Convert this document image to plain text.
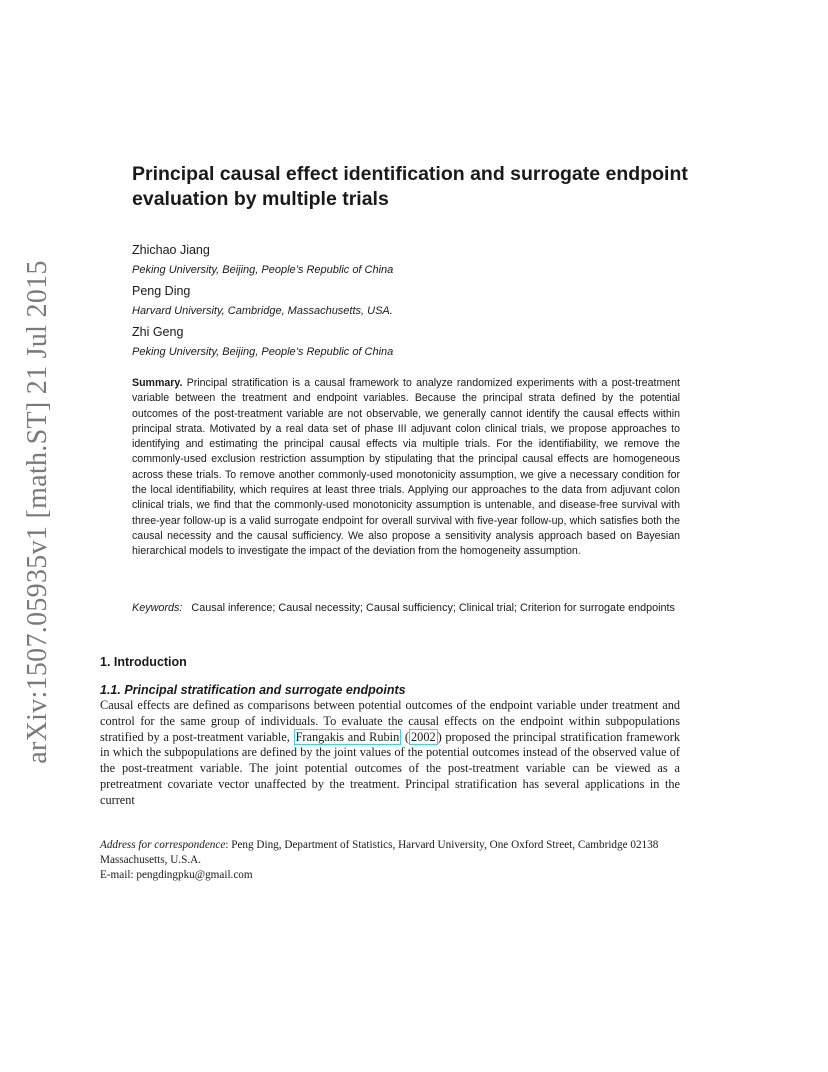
arXiv:1507.05935v1 [math.ST] 21 Jul 2015
Principal causal effect identification and surrogate endpoint evaluation by multiple trials

Zhichao Jiang

Peking University, Beijing, People’s Republic of China

Peng Ding

Harvard University, Cambridge, Massachusetts, USA.

Zhi Geng

Peking University, Beijing, People’s Republic of China

Summary. Principal stratification is a causal framework to analyze randomized experiments with a post-treatment variable between the treatment and endpoint variables. Because the principal strata defined by the potential outcomes of the post-treatment variable are not observable, we generally cannot identify the causal effects within principal strata. Motivated by a real data set of phase III adjuvant colon clinical trials, we propose approaches to identifying and estimating the principal causal effects via multiple trials. For the identifiability, we remove the commonly-used exclusion restriction assumption by stipulating that the principal causal effects are homogeneous across these trials. To remove another commonly-used monotonicity assumption, we give a necessary condition for the local identifiability, which requires at least three trials. Applying our approaches to the data from adjuvant colon clinical trials, we find that the commonly-used monotonicity assumption is untenable, and disease-free survival with three-year follow-up is a valid surrogate endpoint for overall survival with five-year follow-up, which satisfies both the causal necessity and the causal sufficiency. We also propose a sensitivity analysis approach based on Bayesian hierarchical models to investigate the impact of the deviation from the homogeneity assumption.

Keywords: Causal inference; Causal necessity; Causal sufficiency; Clinical trial; Criterion for surrogate endpoints

1. Introduction
1.1. Principal stratification and surrogate endpoints

Causal effects are defined as comparisons between potential outcomes of the endpoint variable under treatment and control for the same group of individuals. To evaluate the causal effects on the endpoint within subpopulations stratified by a post-treatment variable, Frangakis and Rubin ( 2002 ) proposed the principal stratification framework in which the subpopulations are defined by the joint values of the potential outcomes instead of the observed value of the post-treatment variable. The joint potential outcomes of the post-treatment variable can be viewed as a pretreatment covariate vector unaffected by the treatment. Principal stratification has several applications in the current

Address for correspondence: Peng Ding, Department of Statistics, Harvard University, One Oxford Street, Cambridge 02138 Massachusetts, U.S.A.
E-mail: pengdingpku@gmail.com
